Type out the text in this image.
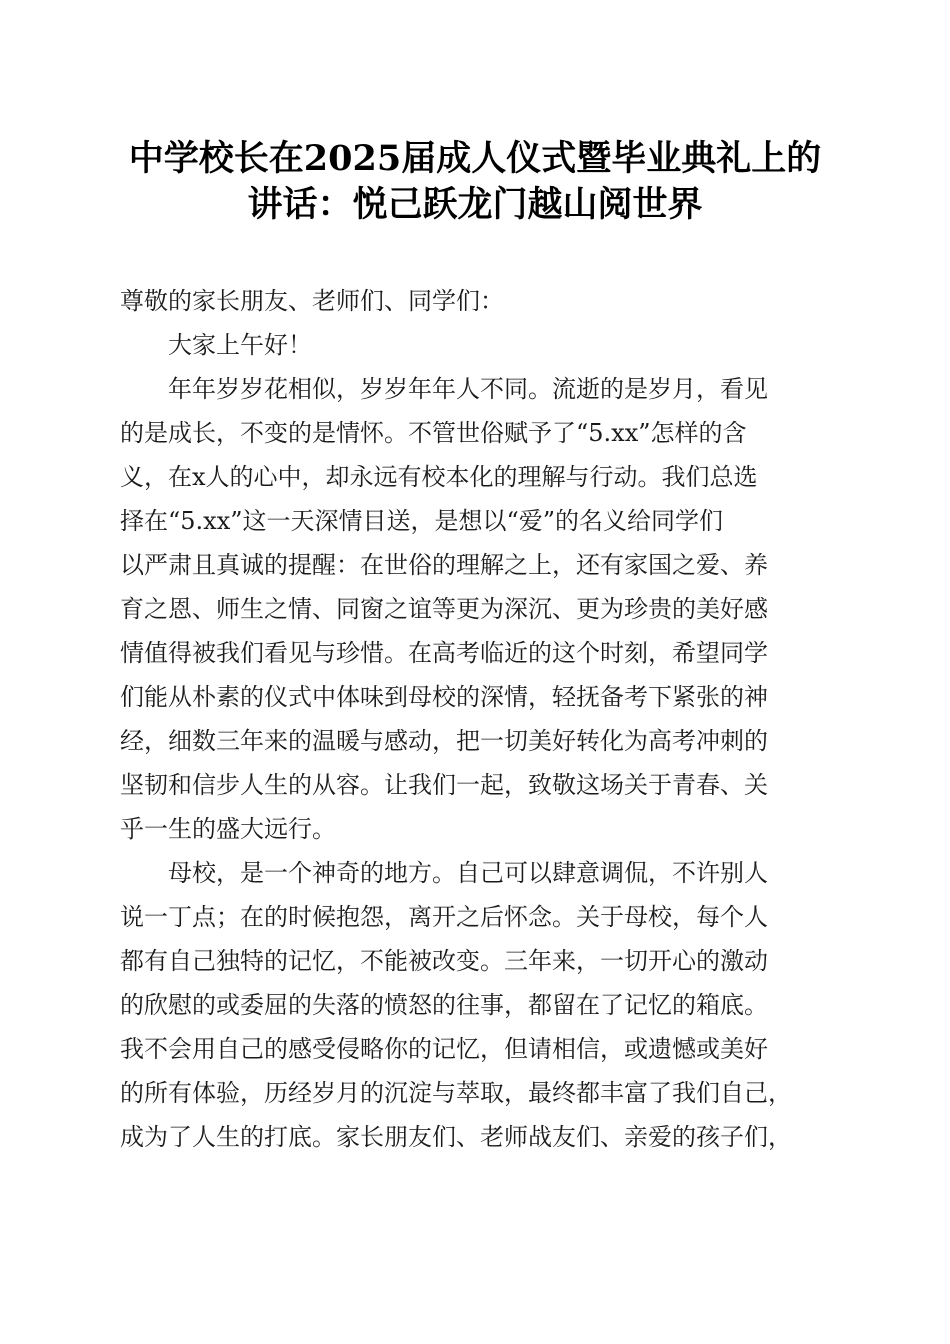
中学校长在2025届成人仪式暨毕业典礼上的
讲话：悦己跃龙门越山阅世界
尊敬的家长朋友、老师们、同学们：
大家上午好！
年年岁岁花相似，岁岁年年人不同。流逝的是岁月，看见
的是成长，不变的是情怀。不管世俗赋予了“5.xx”怎样的含
义，在x人的心中，却永远有校本化的理解与行动。我们总选
择在“5.xx”这一天深情目送，是想以“爱”的名义给同学们
以严肃且真诚的提醒：在世俗的理解之上，还有家国之爱、养
育之恩、师生之情、同窗之谊等更为深沉、更为珍贵的美好感
情值得被我们看见与珍惜。在高考临近的这个时刻，希望同学
们能从朴素的仪式中体味到母校的深情，轻抚备考下紧张的神
经，细数三年来的温暖与感动，把一切美好转化为高考冲刺的
坚韧和信步人生的从容。让我们一起，致敬这场关于青春、关
乎一生的盛大远行。
母校，是一个神奇的地方。自己可以肆意调侃，不许别人
说一丁点；在的时候抱怨，离开之后怀念。关于母校，每个人
都有自己独特的记忆，不能被改变。三年来，一切开心的激动
的欣慰的或委屈的失落的愤怒的往事，都留在了记忆的箱底。
我不会用自己的感受侵略你的记忆，但请相信，或遗憾或美好
的所有体验，历经岁月的沉淀与萃取，最终都丰富了我们自己，
成为了人生的打底。家长朋友们、老师战友们、亲爱的孩子们，
